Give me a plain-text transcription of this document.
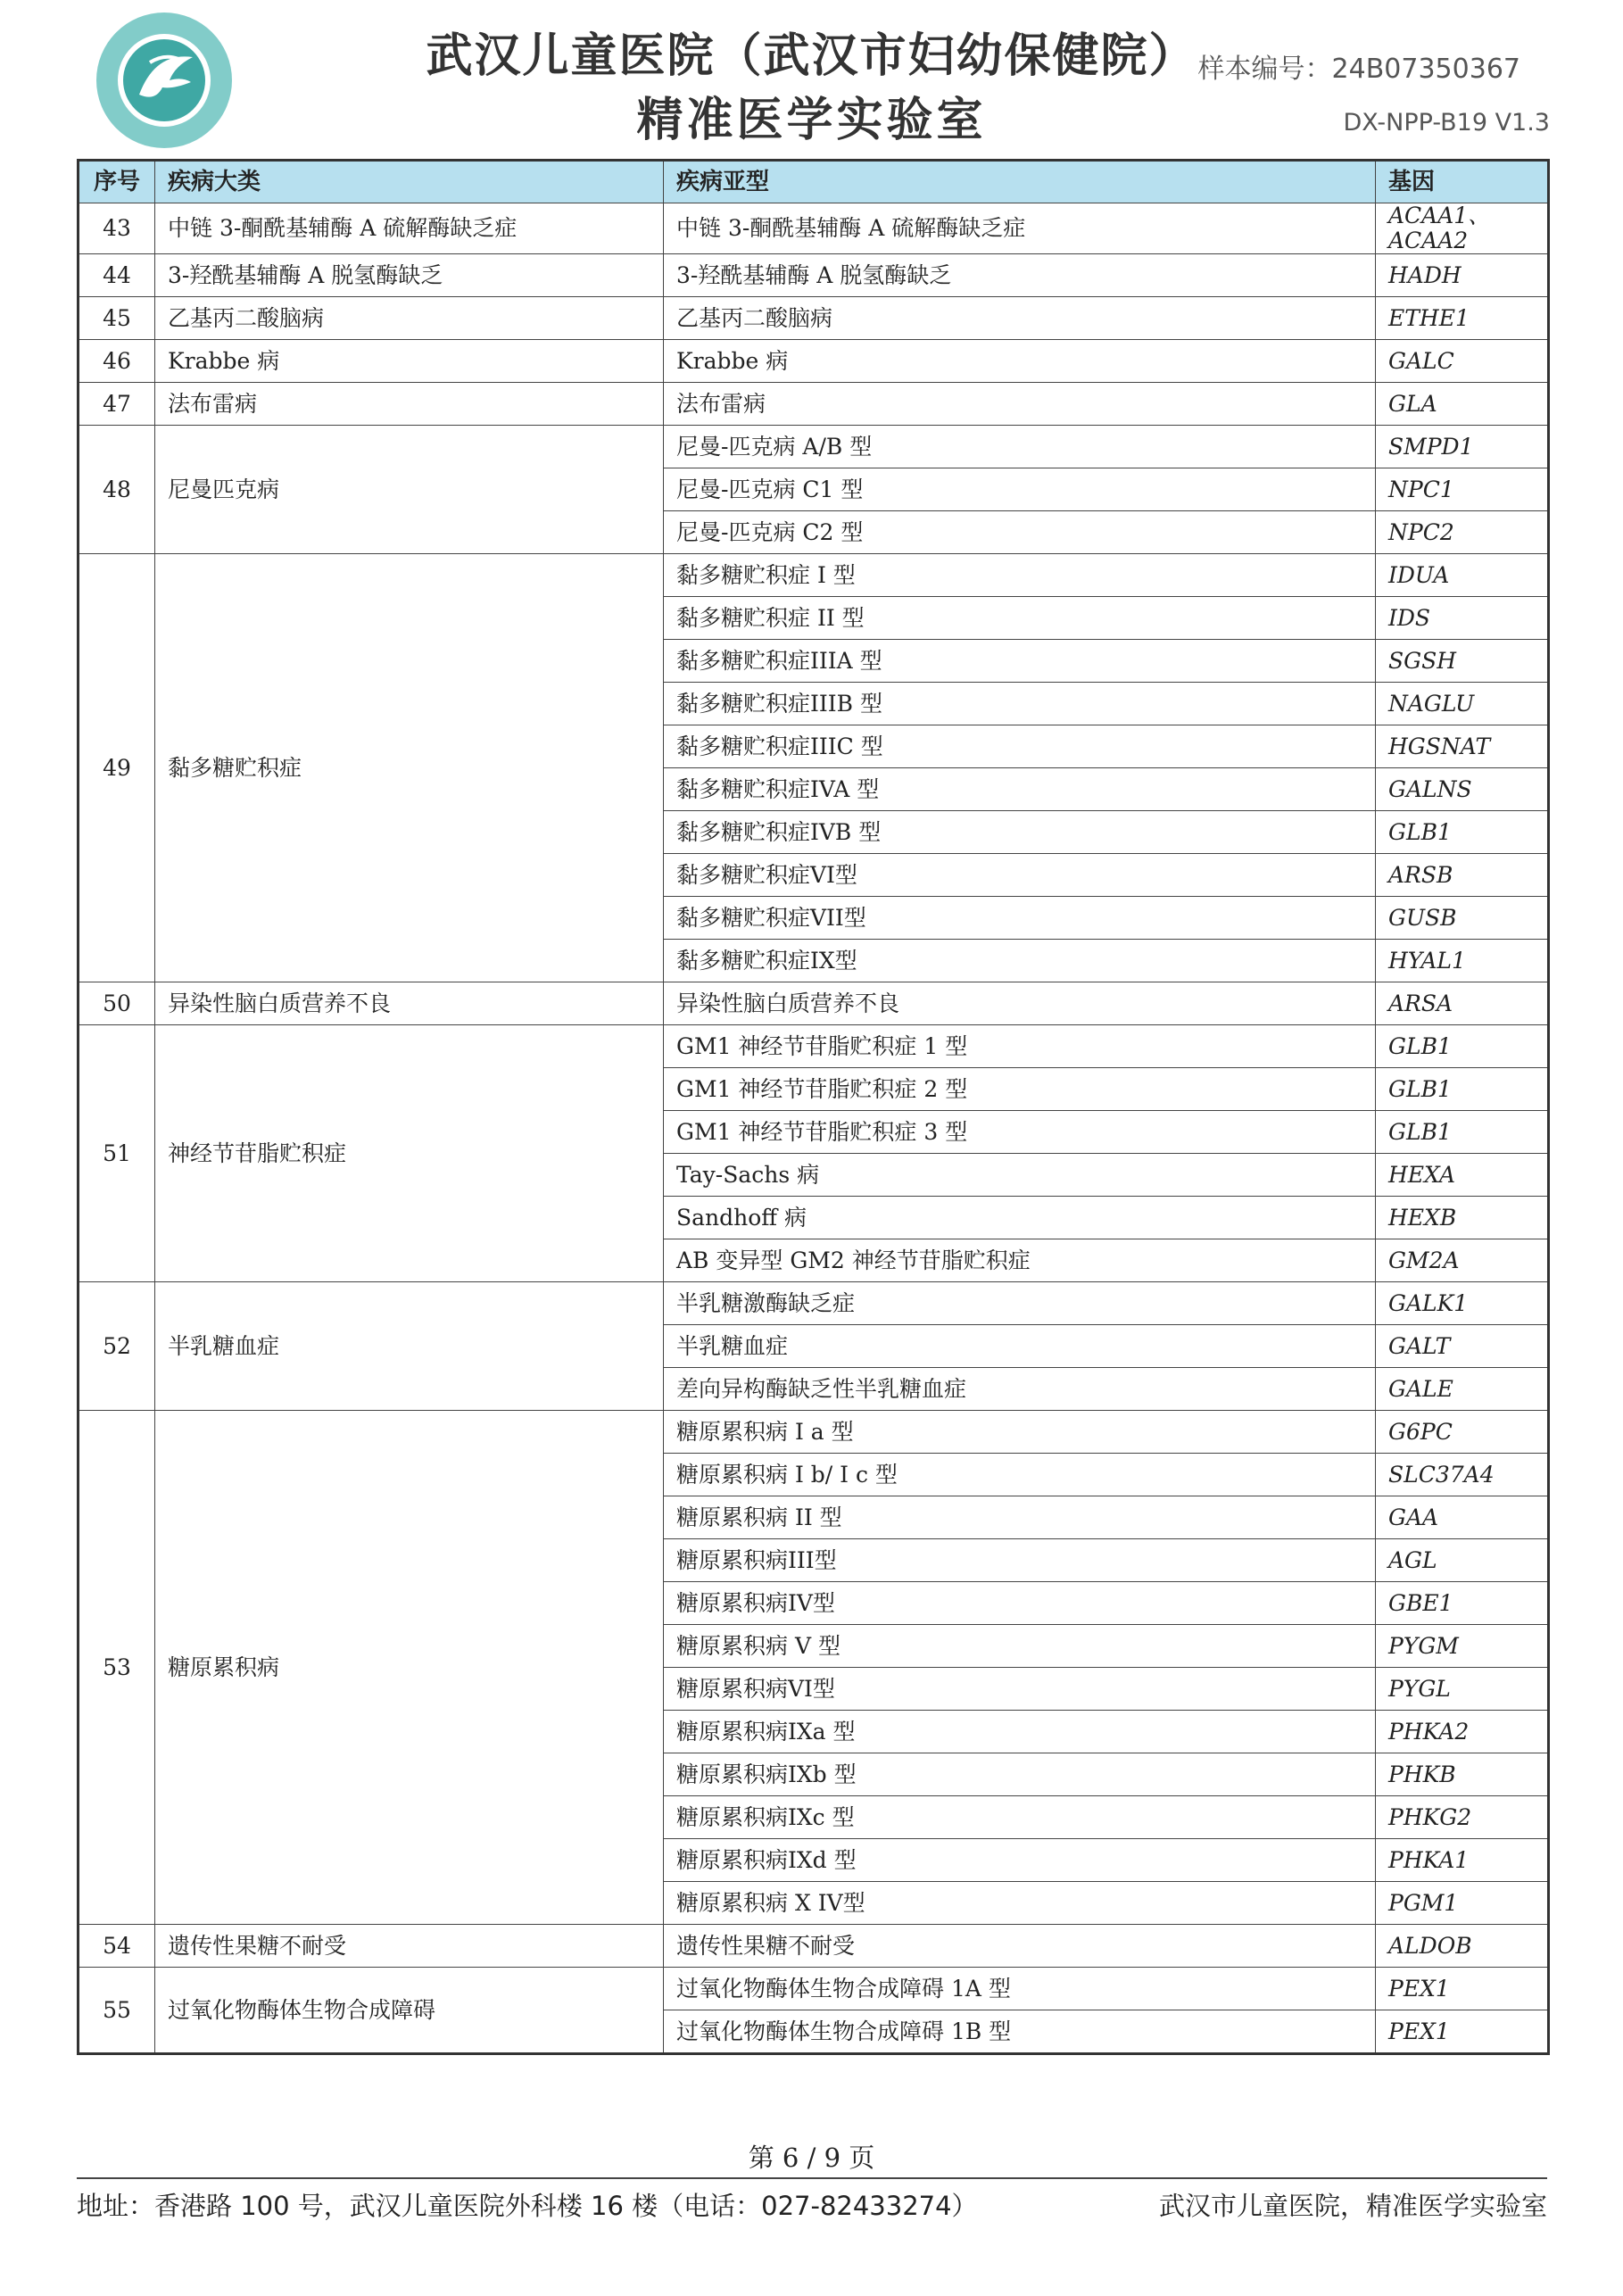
武汉儿童医院（武汉市妇幼保健院）
精准医学实验室
样本编号：24B07350367
DX-NPP-B19 V1.3
序号	疾病大类	疾病亚型	基因
43	中链 3-酮酰基辅酶 A 硫解酶缺乏症	中链 3-酮酰基辅酶 A 硫解酶缺乏症	ACAA1、ACAA2
44	3-羟酰基辅酶 A 脱氢酶缺乏	3-羟酰基辅酶 A 脱氢酶缺乏	HADH
45	乙基丙二酸脑病	乙基丙二酸脑病	ETHE1
46	Krabbe 病	Krabbe 病	GALC
47	法布雷病	法布雷病	GLA
48	尼曼匹克病	尼曼-匹克病 A/B 型	SMPD1
		尼曼-匹克病 C1 型	NPC1
		尼曼-匹克病 C2 型	NPC2
49	黏多糖贮积症	黏多糖贮积症 I 型	IDUA
		黏多糖贮积症 II 型	IDS
		黏多糖贮积症IIIA 型	SGSH
		黏多糖贮积症IIIB 型	NAGLU
		黏多糖贮积症IIIC 型	HGSNAT
		黏多糖贮积症IVA 型	GALNS
		黏多糖贮积症IVB 型	GLB1
		黏多糖贮积症VI型	ARSB
		黏多糖贮积症VII型	GUSB
		黏多糖贮积症IX型	HYAL1
50	异染性脑白质营养不良	异染性脑白质营养不良	ARSA
51	神经节苷脂贮积症	GM1 神经节苷脂贮积症 1 型	GLB1
		GM1 神经节苷脂贮积症 2 型	GLB1
		GM1 神经节苷脂贮积症 3 型	GLB1
		Tay-Sachs 病	HEXA
		Sandhoff 病	HEXB
		AB 变异型 GM2 神经节苷脂贮积症	GM2A
52	半乳糖血症	半乳糖激酶缺乏症	GALK1
		半乳糖血症	GALT
		差向异构酶缺乏性半乳糖血症	GALE
53	糖原累积病	糖原累积病 I a 型	G6PC
		糖原累积病 I b/ I c 型	SLC37A4
		糖原累积病 II 型	GAA
		糖原累积病III型	AGL
		糖原累积病IV型	GBE1
		糖原累积病 V 型	PYGM
		糖原累积病VI型	PYGL
		糖原累积病IXa 型	PHKA2
		糖原累积病IXb 型	PHKB
		糖原累积病IXc 型	PHKG2
		糖原累积病IXd 型	PHKA1
		糖原累积病 X IV型	PGM1
54	遗传性果糖不耐受	遗传性果糖不耐受	ALDOB
55	过氧化物酶体生物合成障碍	过氧化物酶体生物合成障碍 1A 型	PEX1
		过氧化物酶体生物合成障碍 1B 型	PEX1
第 6 / 9 页
地址：香港路 100 号，武汉儿童医院外科楼 16 楼（电话：027-82433274）	武汉市儿童医院，精准医学实验室
